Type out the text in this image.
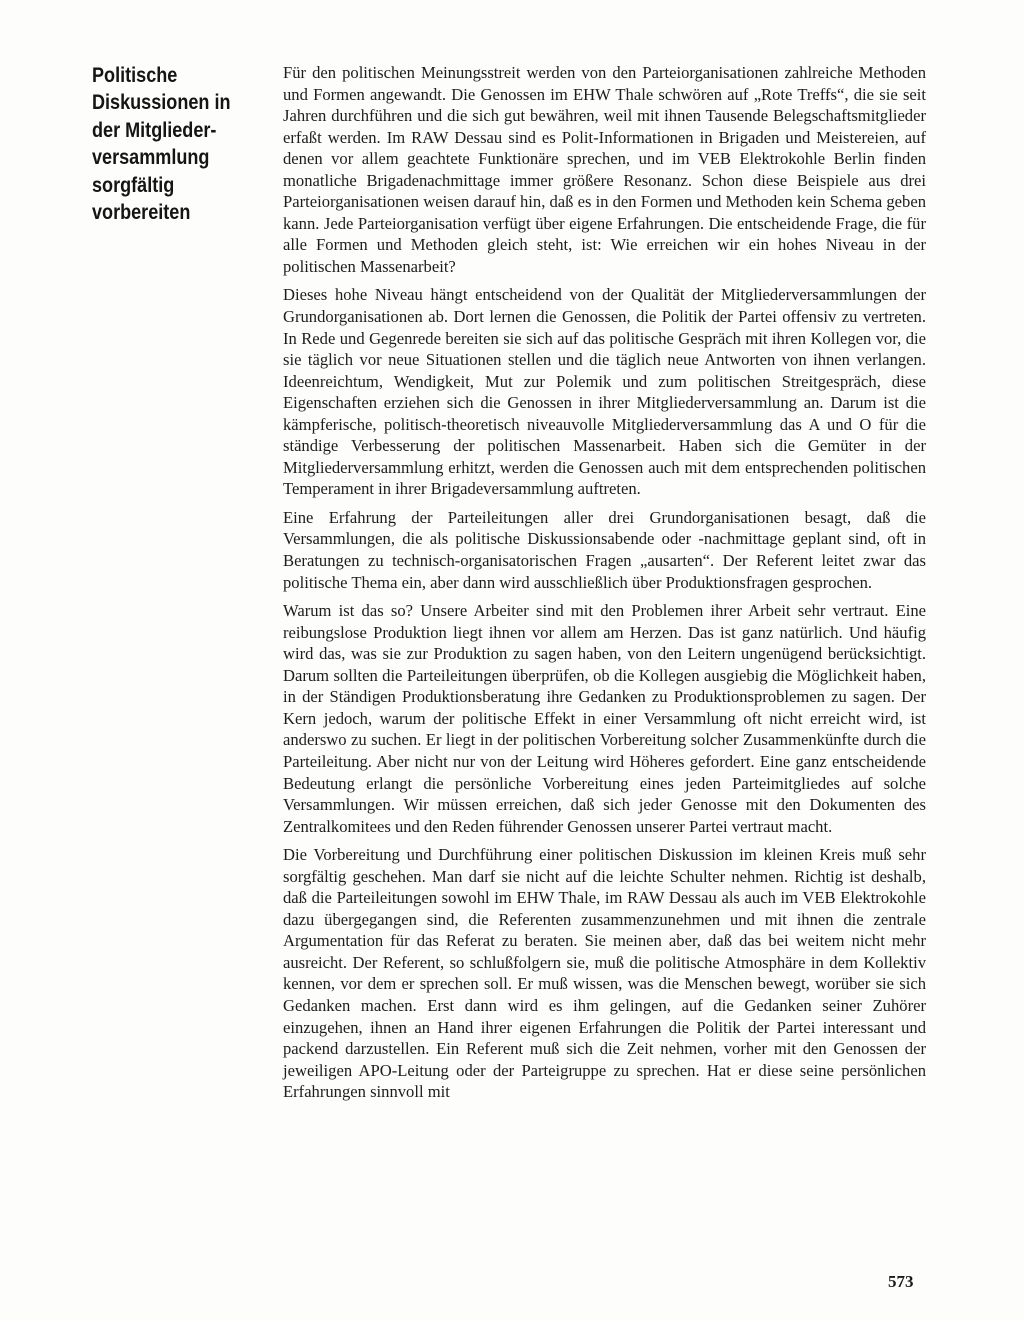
Politische
Diskussionen in
der Mitglieder-
versammlung
sorgfältig
vorbereiten

Für den politischen Meinungsstreit werden von den Parteiorganisationen zahlreiche Methoden und Formen angewandt. Die Genossen im EHW Thale schwören auf „Rote Treffs“, die sie seit Jahren durchführen und die sich gut bewähren, weil mit ihnen Tausende Belegschaftsmitglieder erfaßt werden. Im RAW Dessau sind es Polit-Informationen in Brigaden und Meistereien, auf denen vor allem geachtete Funktionäre sprechen, und im VEB Elektrokohle Berlin finden monatliche Brigadenachmittage immer größere Resonanz. Schon diese Beispiele aus drei Parteiorganisationen weisen darauf hin, daß es in den Formen und Methoden kein Schema geben kann. Jede Parteiorganisation verfügt über eigene Erfahrungen. Die entscheidende Frage, die für alle Formen und Methoden gleich steht, ist: Wie erreichen wir ein hohes Niveau in der politischen Massenarbeit?

Dieses hohe Niveau hängt entscheidend von der Qualität der Mitgliederversammlungen der Grundorganisationen ab. Dort lernen die Genossen, die Politik der Partei offensiv zu vertreten. In Rede und Gegenrede bereiten sie sich auf das politische Gespräch mit ihren Kollegen vor, die sie täglich vor neue Situationen stellen und die täglich neue Antworten von ihnen verlangen. Ideenreichtum, Wendigkeit, Mut zur Polemik und zum politischen Streitgespräch, diese Eigenschaften erziehen sich die Genossen in ihrer Mitgliederversammlung an. Darum ist die kämpferische, politisch-theoretisch niveauvolle Mitgliederversammlung das A und O für die ständige Verbesserung der politischen Massenarbeit. Haben sich die Gemüter in der Mitgliederversammlung erhitzt, werden die Genossen auch mit dem entsprechenden politischen Temperament in ihrer Brigadeversammlung auftreten.

Eine Erfahrung der Parteileitungen aller drei Grundorganisationen besagt, daß die Versammlungen, die als politische Diskussionsabende oder -nachmittage geplant sind, oft in Beratungen zu technisch-organisatorischen Fragen „ausarten“. Der Referent leitet zwar das politische Thema ein, aber dann wird ausschließlich über Produktionsfragen gesprochen.

Warum ist das so? Unsere Arbeiter sind mit den Problemen ihrer Arbeit sehr vertraut. Eine reibungslose Produktion liegt ihnen vor allem am Herzen. Das ist ganz natürlich. Und häufig wird das, was sie zur Produktion zu sagen haben, von den Leitern ungenügend berücksichtigt. Darum sollten die Parteileitungen überprüfen, ob die Kollegen ausgiebig die Möglichkeit haben, in der Ständigen Produktionsberatung ihre Gedanken zu Produktionsproblemen zu sagen. Der Kern jedoch, warum der politische Effekt in einer Versammlung oft nicht erreicht wird, ist anderswo zu suchen. Er liegt in der politischen Vorbereitung solcher Zusammenkünfte durch die Parteileitung. Aber nicht nur von der Leitung wird Höheres gefordert. Eine ganz entscheidende Bedeutung erlangt die persönliche Vorbereitung eines jeden Parteimitgliedes auf solche Versammlungen. Wir müssen erreichen, daß sich jeder Genosse mit den Dokumenten des Zentralkomitees und den Reden führender Genossen unserer Partei vertraut macht.

Die Vorbereitung und Durchführung einer politischen Diskussion im kleinen Kreis muß sehr sorgfältig geschehen. Man darf sie nicht auf die leichte Schulter nehmen. Richtig ist deshalb, daß die Parteileitungen sowohl im EHW Thale, im RAW Dessau als auch im VEB Elektrokohle dazu übergegangen sind, die Referenten zusammenzunehmen und mit ihnen die zentrale Argumentation für das Referat zu beraten. Sie meinen aber, daß das bei weitem nicht mehr ausreicht. Der Referent, so schlußfolgern sie, muß die politische Atmosphäre in dem Kollektiv kennen, vor dem er sprechen soll. Er muß wissen, was die Menschen bewegt, worüber sie sich Gedanken machen. Erst dann wird es ihm gelingen, auf die Gedanken seiner Zuhörer einzugehen, ihnen an Hand ihrer eigenen Erfahrungen die Politik der Partei interessant und packend darzustellen. Ein Referent muß sich die Zeit nehmen, vorher mit den Genossen der jeweiligen APO-Leitung oder der Parteigruppe zu sprechen. Hat er diese seine persönlichen Erfahrungen sinnvoll mit

573
